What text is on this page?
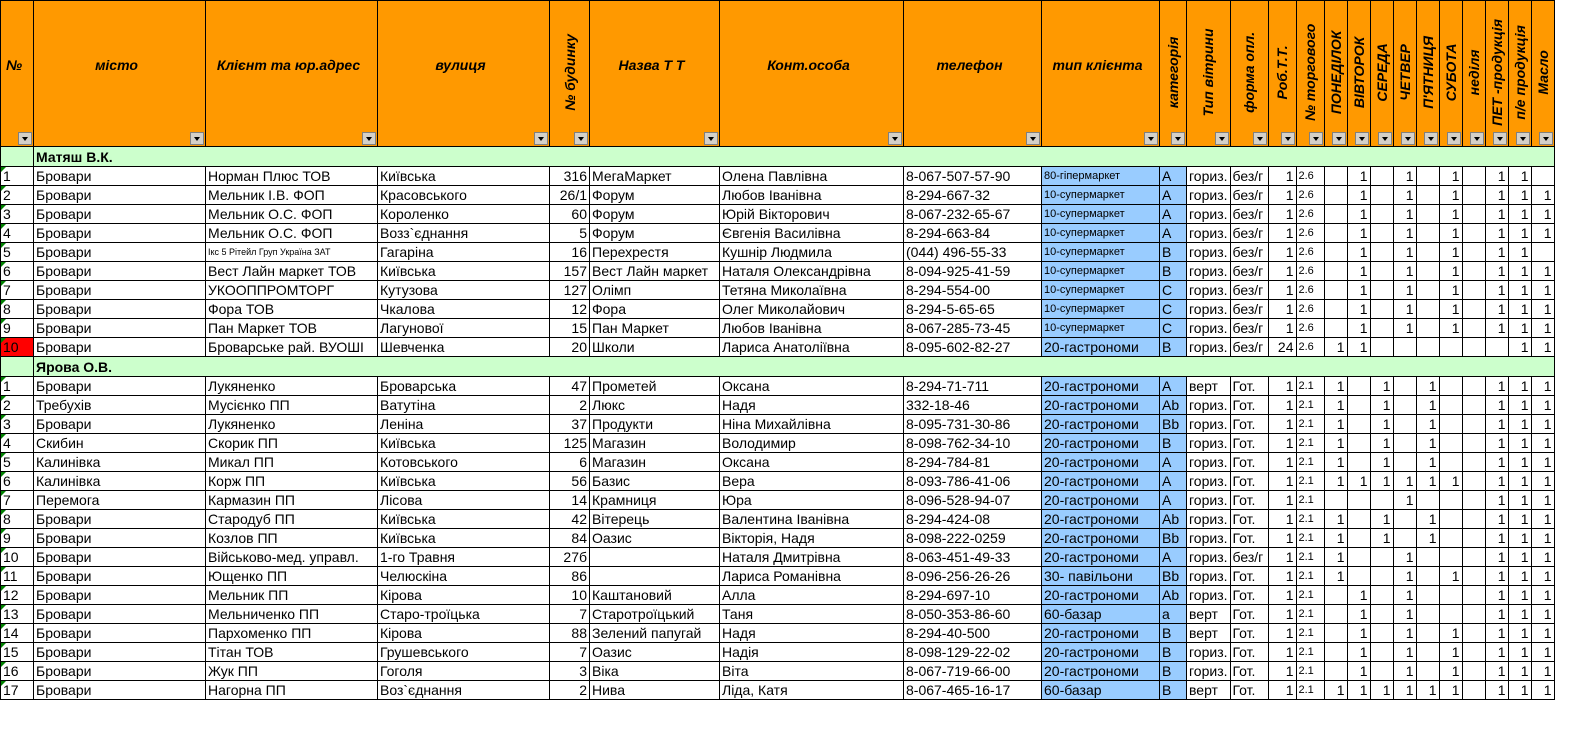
№	місто	Клієнт та юр.адрес	вулиця	№ будинку	Назва Т Т	Конт.особа	телефон	тип клієнта	категорія	Тип вітрини	форма опл.	Роб.Т.Т.	№ торгового	ПОНЕДІЛОК	ВІВТОРОК	СЕРЕДА	ЧЕТВЕР	П'ЯТНИЦЯ	СУБОТА	неділя	ПЕТ -продукція	п/е продукція	Масло

	Матяш В.К.																						
1	Бровари	Норман Плюс ТОВ	Київська	316	МегаМаркет	Олена Павлівна	8-067-507-57-90	80-гіпермаркет	A	гориз.	без/г	1	2.6		1		1		1		1	1	
2	Бровари	Мельник І.В. ФОП	Красовського	26/1	Форум	Любов Іванівна	8-294-667-32	10-супермаркет	A	гориз.	без/г	1	2.6		1		1		1		1	1	1
3	Бровари	Мельник О.С. ФОП	Короленко	60	Форум	Юрій Вікторович	8-067-232-65-67	10-супермаркет	A	гориз.	без/г	1	2.6		1		1		1		1	1	1
4	Бровари	Мельник О.С. ФОП	Возз`єднання	5	Форум	Євгенія Василівна	8-294-663-84	10-супермаркет	A	гориз.	без/г	1	2.6		1		1		1		1	1	1
5	Бровари	Ікс 5 Рітейл Груп Україна ЗАТ	Гагаріна	16	Перехрестя	Кушнір Людмила	(044) 496-55-33	10-супермаркет	B	гориз.	без/г	1	2.6		1		1		1		1	1	
6	Бровари	Вест Лайн маркет ТОВ	Київська	157	Вест Лайн маркет	Наталя Олександрівна	8-094-925-41-59	10-супермаркет	B	гориз.	без/г	1	2.6		1		1		1		1	1	1
7	Бровари	УКООППРОМТОРГ	Кутузова	127	Олімп	Тетяна Миколаївна	8-294-554-00	10-супермаркет	C	гориз.	без/г	1	2.6		1		1		1		1	1	1
8	Бровари	Фора ТОВ	Чкалова	12	Фора	Олег Миколайович	8-294-5-65-65	10-супермаркет	C	гориз.	без/г	1	2.6		1		1		1		1	1	1
9	Бровари	Пан Маркет ТОВ	Лагунової	15	Пан Маркет	Любов Іванівна	8-067-285-73-45	10-супермаркет	C	гориз.	без/г	1	2.6		1		1		1		1	1	1
10	Бровари	Броварське рай. ВУОШІ	Шевченка	20	Школи	Лариса Анатоліївна	8-095-602-82-27	20-гастрономи	B	гориз.	без/г	24	2.6	1	1							1	1
	Ярова О.В.																						
1	Бровари	Лукяненко	Броварська	47	Прометей	Оксана	8-294-71-711	20-гастрономи	A	верт	Гот.	1	2.1	1		1		1			1	1	1
2	Требухів	Мусієнко ПП	Ватутіна	2	Люкс	Надя	332-18-46	20-гастрономи	Ab	гориз.	Гот.	1	2.1	1		1		1			1	1	1
3	Бровари	Лукяненко	Леніна	37	Продукти	Ніна Михайлівна	8-095-731-30-86	20-гастрономи	Bb	гориз.	Гот.	1	2.1	1		1		1			1	1	1
4	Скибин	Скорик ПП	Київська	125	Магазин	Володимир	8-098-762-34-10	20-гастрономи	B	гориз.	Гот.	1	2.1	1		1		1			1	1	1
5	Калинівка	Микал ПП	Котовського	6	Магазин	Оксана	8-294-784-81	20-гастрономи	A	гориз.	Гот.	1	2.1	1		1		1			1	1	1
6	Калинівка	Корж ПП	Київська	56	Базис	Вера	8-093-786-41-06	20-гастрономи	A	гориз.	Гот.	1	2.1	1	1	1	1	1	1		1	1	1
7	Перемога	Кармазин ПП	Лісова	14	Крамниця	Юра	8-096-528-94-07	20-гастрономи	A	гориз.	Гот.	1	2.1				1				1	1	1
8	Бровари	Стародуб ПП	Київська	42	Вітерець	Валентина Іванівна	8-294-424-08	20-гастрономи	Ab	гориз.	Гот.	1	2.1	1		1		1			1	1	1
9	Бровари	Козлов ПП	Київська	84	Оазис	Вікторія, Надя	8-098-222-0259	20-гастрономи	Bb	гориз.	Гот.	1	2.1	1		1		1			1	1	1
10	Бровари	Військово-мед. управл.	1-го Травня	27б		Наталя Дмитрівна	8-063-451-49-33	20-гастрономи	A	гориз.	без/г	1	2.1	1			1				1	1	1
11	Бровари	Ющенко ПП	Челюскіна	86		Лариса Романівна	8-096-256-26-26	30- павільони	Bb	гориз.	Гот.	1	2.1	1			1		1		1	1	1
12	Бровари	Мельник ПП	Кірова	10	Каштановий	Алла	8-294-697-10	20-гастрономи	Ab	гориз.	Гот.	1	2.1		1		1				1	1	1
13	Бровари	Мельниченко ПП	Старо-троїцька	7	Старотроїцький	Таня	8-050-353-86-60	60-базар	a	верт	Гот.	1	2.1		1		1				1	1	1
14	Бровари	Пархоменко ПП	Кірова	88	Зелений папугай	Надя	8-294-40-500	20-гастрономи	B	верт	Гот.	1	2.1		1		1		1		1	1	1
15	Бровари	Тітан ТОВ	Грушевського	7	Оазис	Надія	8-098-129-22-02	20-гастрономи	B	гориз.	Гот.	1	2.1		1		1		1		1	1	1
16	Бровари	Жук ПП	Гоголя	3	Віка	Віта	8-067-719-66-00	20-гастрономи	B	гориз.	Гот.	1	2.1		1		1		1		1	1	1
17	Бровари	Нагорна ПП	Воз`єднання	2	Нива	Ліда, Катя	8-067-465-16-17	60-базар	B	верт	Гот.	1	2.1	1	1	1	1	1	1		1	1	1
